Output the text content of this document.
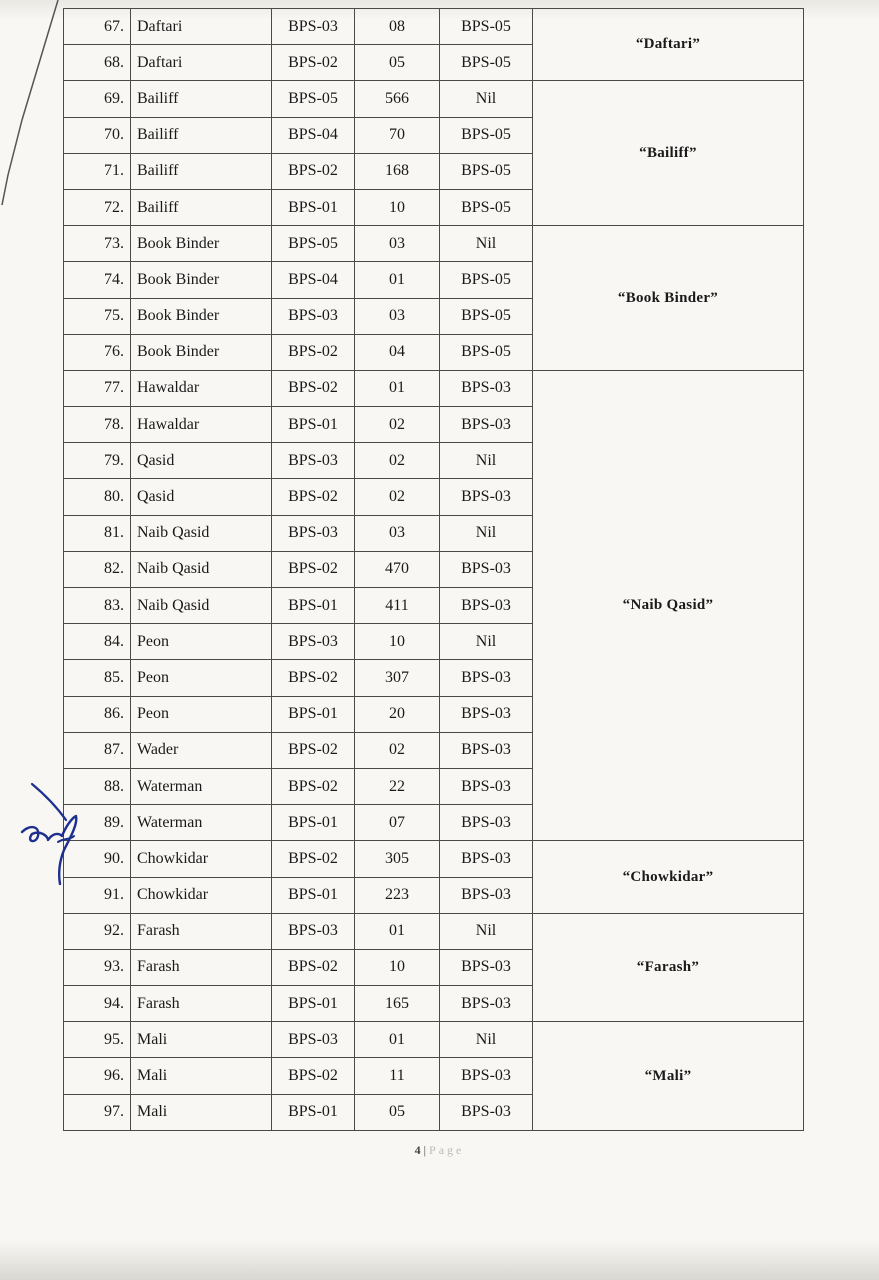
67.	Daftari	BPS-03	08	BPS-05	“Daftari”
68.	Daftari	BPS-02	05	BPS-05	
69.	Bailiff	BPS-05	566	Nil	“Bailiff”
70.	Bailiff	BPS-04	70	BPS-05	
71.	Bailiff	BPS-02	168	BPS-05	
72.	Bailiff	BPS-01	10	BPS-05	
73.	Book Binder	BPS-05	03	Nil	“Book Binder”
74.	Book Binder	BPS-04	01	BPS-05	
75.	Book Binder	BPS-03	03	BPS-05	
76.	Book Binder	BPS-02	04	BPS-05	
77.	Hawaldar	BPS-02	01	BPS-03	“Naib Qasid”
78.	Hawaldar	BPS-01	02	BPS-03	
79.	Qasid	BPS-03	02	Nil	
80.	Qasid	BPS-02	02	BPS-03	
81.	Naib Qasid	BPS-03	03	Nil	
82.	Naib Qasid	BPS-02	470	BPS-03	
83.	Naib Qasid	BPS-01	411	BPS-03	
84.	Peon	BPS-03	10	Nil	
85.	Peon	BPS-02	307	BPS-03	
86.	Peon	BPS-01	20	BPS-03	
87.	Wader	BPS-02	02	BPS-03	
88.	Waterman	BPS-02	22	BPS-03	
89.	Waterman	BPS-01	07	BPS-03	
90.	Chowkidar	BPS-02	305	BPS-03	“Chowkidar”
91.	Chowkidar	BPS-01	223	BPS-03	
92.	Farash	BPS-03	01	Nil	“Farash”
93.	Farash	BPS-02	10	BPS-03	
94.	Farash	BPS-01	165	BPS-03	
95.	Mali	BPS-03	01	Nil	“Mali”
96.	Mali	BPS-02	11	BPS-03	
97.	Mali	BPS-01	05	BPS-03	
4 | Page
